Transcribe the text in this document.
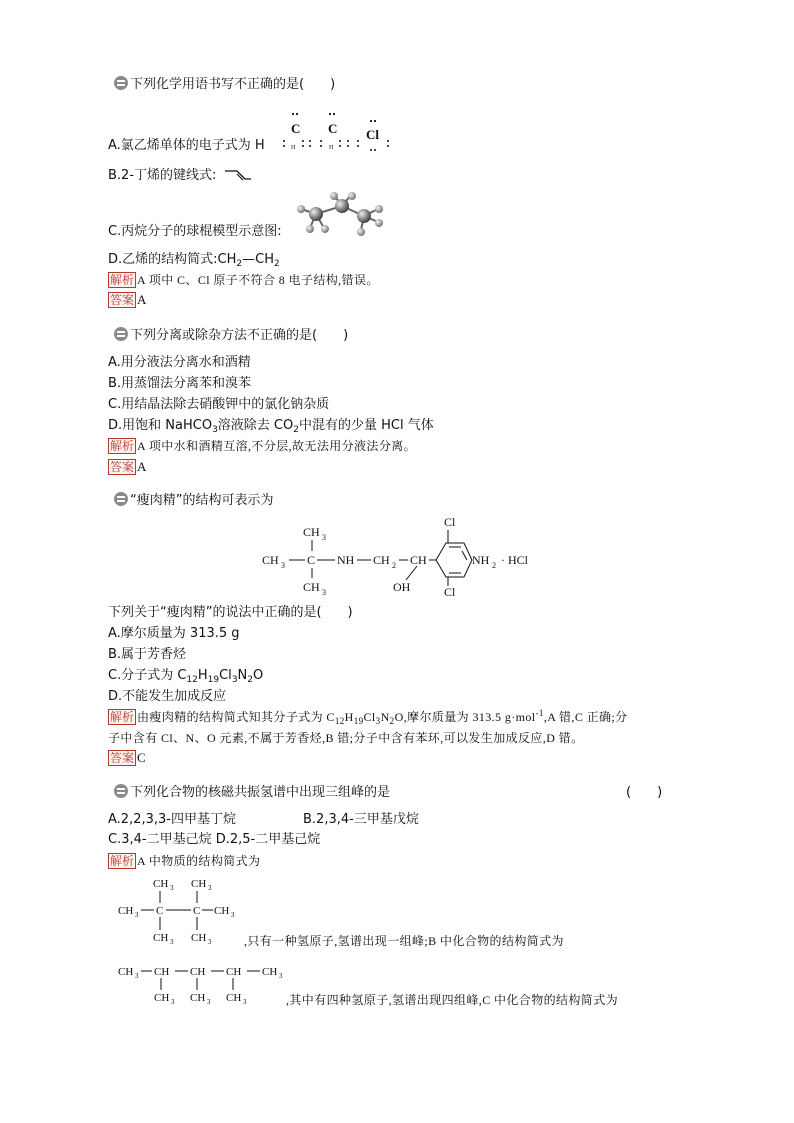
下列化学用语书写不正确的是(　　)
A.氯乙烯单体的电子式为 H
C C Cl
H	H
B.2-丁烯的键线式:
C.丙烷分子的球棍模型示意图:
D.乙烯的结构简式$:CH_2—CH_2$
解析 A 项中 C、Cl 原子不符合 8 电子结构,错误。
答案 A
下列分离或除杂方法不正确的是(　　)
A.用分液法分离水和酒精
B.用蒸馏法分离苯和溴苯
C.用结晶法除去硝酸钾中的氯化钠杂质
D.用饱和 NaHCO$_3$溶液除去 $CO_2$中混有的少量 HCl 气体
解析 A 项中水和酒精互溶,不分层,故无法用分液法分离。
答案 A
“瘦肉精”的结构可表示为
CH 3
CH 3 C NH CH 2 CH
CH 3	OH
Cl
Cl
NH 2 · HCl
下列关于“瘦肉精”的说法中正确的是(　　)
A.摩尔质量为 313.5 g
B.属于芳香烃
C.分子式为 $C_{12}H_{19}Cl_3N_2O$
D.不能发生加成反应
解析 由瘦肉精的结构简式知其分子式为 $C_{12}H_{19}Cl_3N_2O$,摩尔质量为 313.5 g·mol$^{-1}$,A 错,C 正确;分
子中含有 Cl、N、O 元素,不属于芳香烃,B 错;分子中含有苯环,可以发生加成反应,D 错。
答案 C
下列化合物的核磁共振氢谱中出现三组峰的是	(　　)
A.2,2,3,3-四甲基丁烷	B.2,3,4-三甲基戊烷
C.3,4-二甲基己烷 D.2,5-二甲基己烷
解析 A 中物质的结构简式为
CH 3 CH 3
CH 3 C	C CH 3
CH 3 CH 3	,只有一种氢原子,氢谱出现一组峰;B 中化合物的结构简式为
CH 3 CH CH CH CH 3
CH 3 CH 3 CH 3	,其中有四种氢原子,氢谱出现四组峰,C 中化合物的结构简式为
